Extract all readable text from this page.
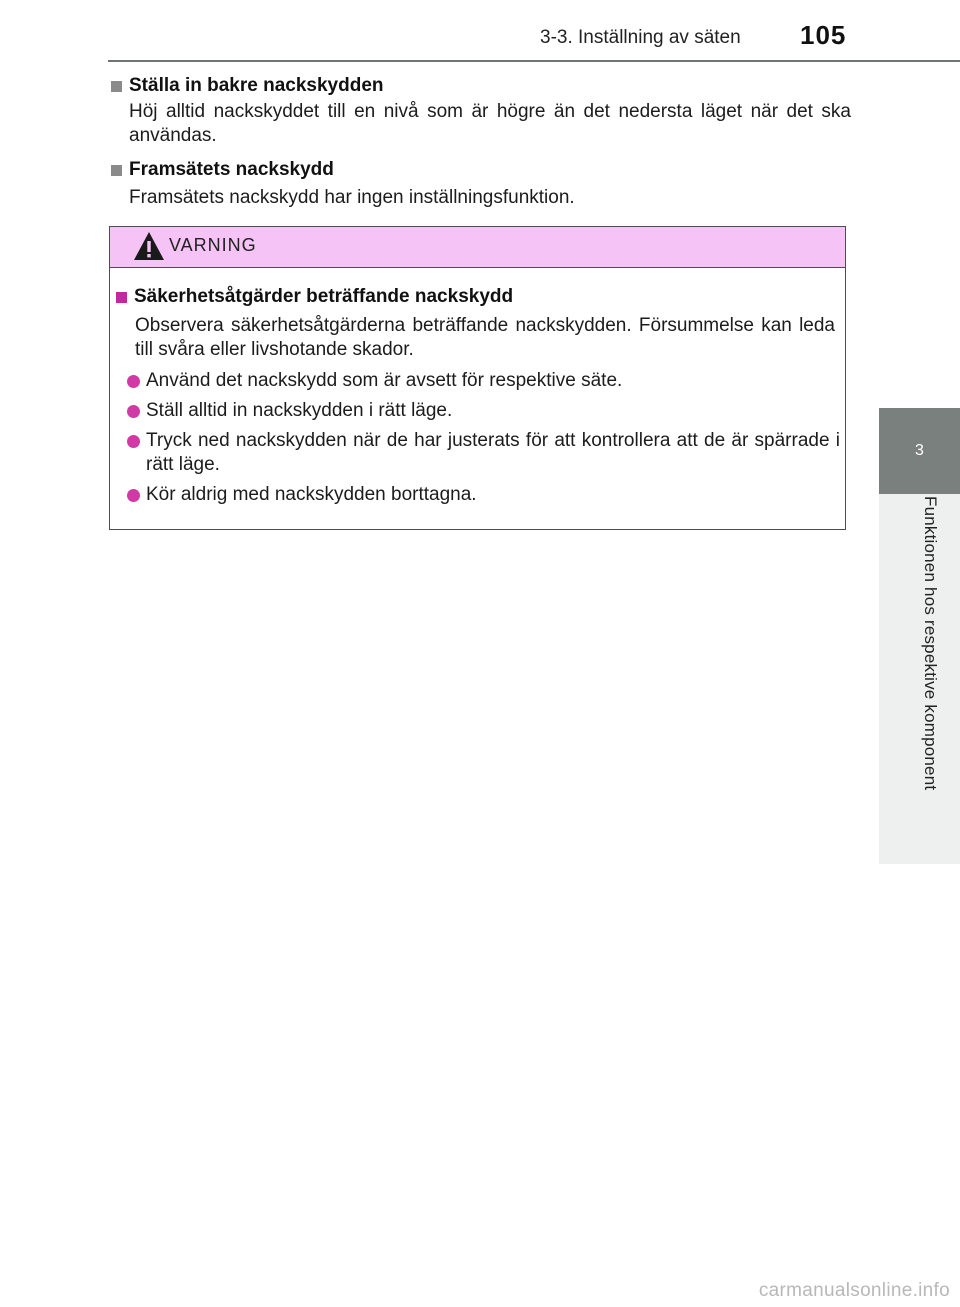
3-3. Inställning av säten	105
3
Funktionen hos respektive komponent
Ställa in bakre nackskydden
Höj alltid nackskyddet till en nivå som är högre än det nedersta läget när det ska användas.
Framsätets nackskydd
Framsätets nackskydd har ingen inställningsfunktion.
VARNING
Säkerhetsåtgärder beträffande nackskydd
Observera säkerhetsåtgärderna beträffande nackskydden. Försummelse kan leda till svåra eller livshotande skador.
Använd det nackskydd som är avsett för respektive säte.
Ställ alltid in nackskydden i rätt läge.
Tryck ned nackskydden när de har justerats för att kontrollera att de är spärrade i rätt läge.
Kör aldrig med nackskydden borttagna.
carmanualsonline.info
